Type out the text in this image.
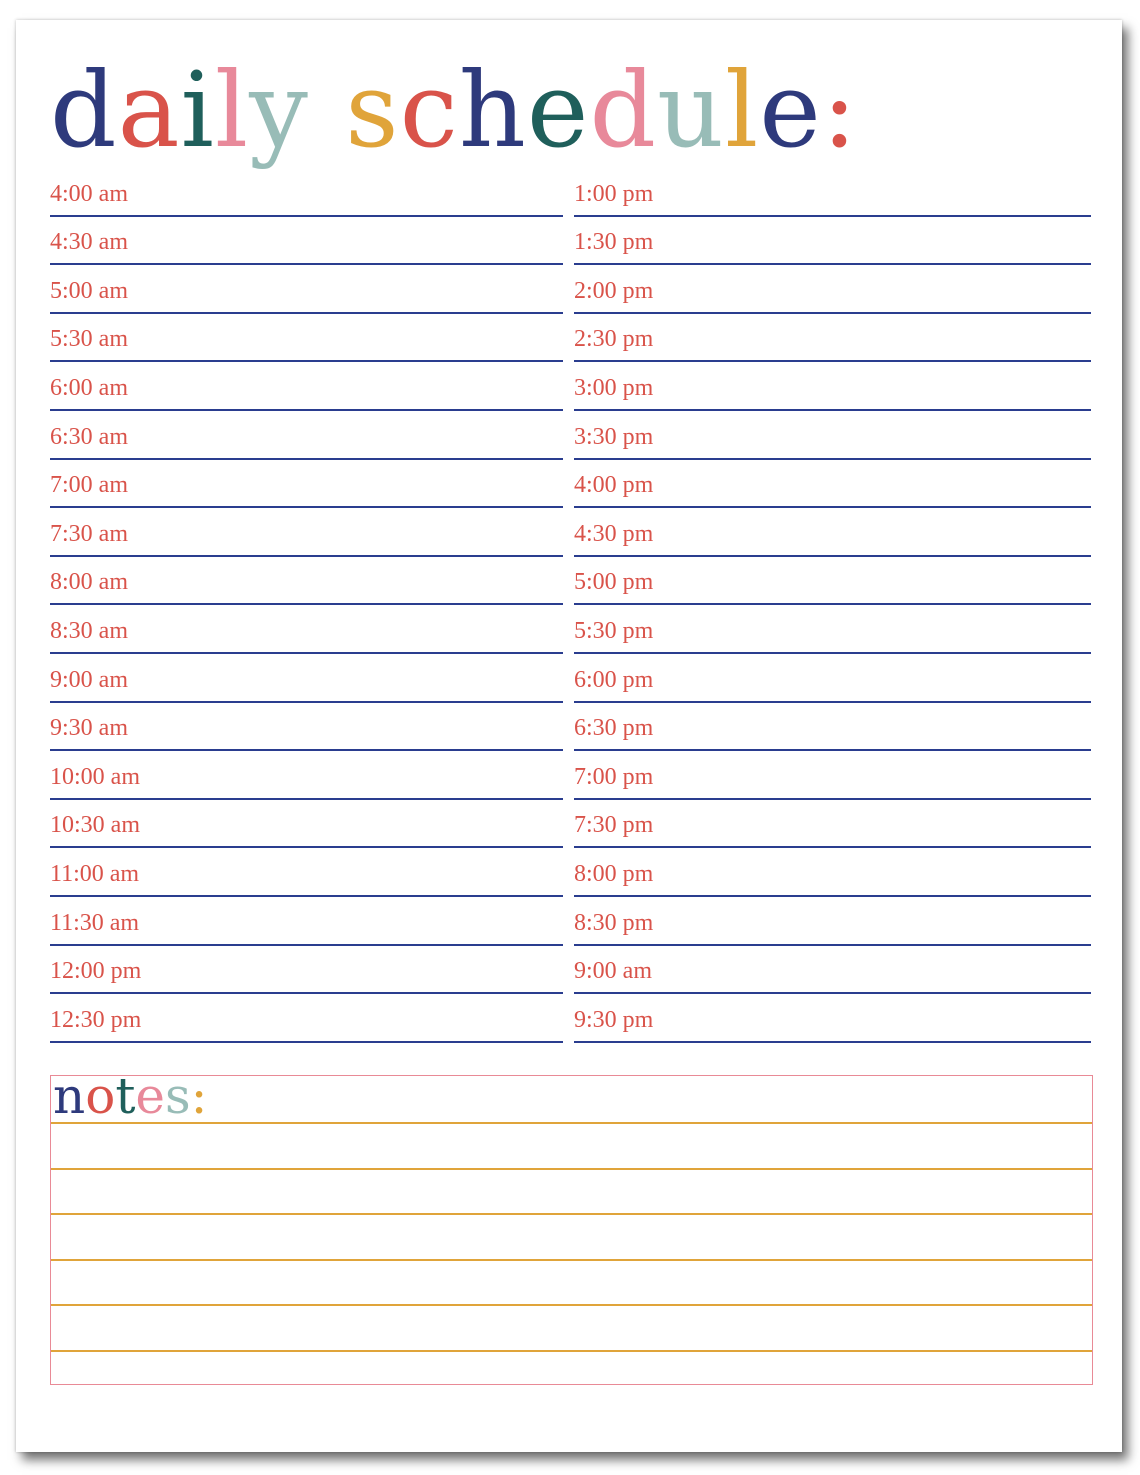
daily schedule:
4:00 am
4:30 am
5:00 am
5:30 am
6:00 am
6:30 am
7:00 am
7:30 am
8:00 am
8:30 am
9:00 am
9:30 am
10:00 am
10:30 am
11:00 am
11:30 am
12:00 pm
12:30 pm
1:00 pm
1:30 pm
2:00 pm
2:30 pm
3:00 pm
3:30 pm
4:00 pm
4:30 pm
5:00 pm
5:30 pm
6:00 pm
6:30 pm
7:00 pm
7:30 pm
8:00 pm
8:30 pm
9:00 am
9:30 pm
notes:
